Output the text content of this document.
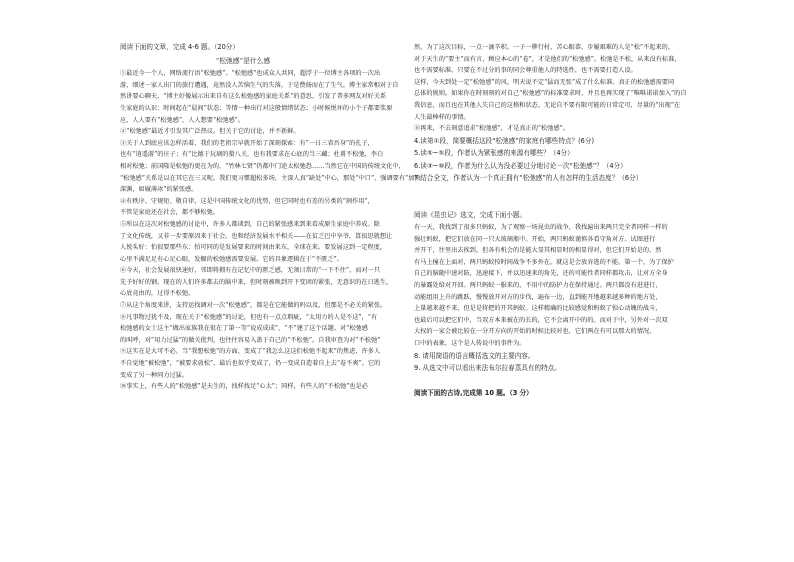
阅读下面的文章，完成 4-6 题。（20分）

“松弛感”是什么感

①最近今一个人，网络流行语“松弛感”。“松弛感”也成众人共同，超浮于一位博主各项的一次出

游，细述一家人出门的旅行遭遇，竟然没人苦恼生气的失落，于是赞扬而在了生气。博主家常相对于自

然讲要心聊天，“博主好像展示出来自有这么松弛感的家庭关系”的意思，引发了普多网友对好关系

生家庭的认识：时间起在“晨间”状态；等情一种出行对这般情绪状态；小时候悦坏的小个子都要浆原

应，人人要有“松弛感”，人人想要“松弛感”。

②“松弛感”最近才引发其广泛热议。但关于它的讨论，并不新鲜。

③关于人到底应该怎样活着，我们的老祖宗早就开始了深刻探索：有“一日三省吾身”的孔子，

也有“逍遥游”的庄子；有“比德于玩璃的猾八关，也有我要求在心底的当三藏；杜甫不松弛，李白

相对松弛；前国隆是松弛的更在为的，“竹林七贤”仍都中门途太松弛恐……当然它在中国的传统文化中，

“松弛感”关系是以在其它在三又呢。我们更习惯超松多场，主深人真“缺处”中心，那处“中口”，强调要有“加快

深渊，如履薄冰”的紧张感。

④有秩序、守规矩、敬自律，这是中国传统文化的优势，但它同时也有差的另类的“割作用”，

不管是家庭还在社会，都不够松弛。

⑤所以在这次对松弛感的讨论中，许多人都谈到，自己的紧张感来到来看成原生家庭中养成。除

了文化传统，又非一步要原因来于社会。也和经济发展水平相关——在贫乏巴中享爷，算很思就想让

人悦头好：怕很要那些东：怕可同的是发展要来的时间由来东，全球在来。要发展这到一定程度，

心里不满足足有心足心眼，发掘的松弛感需要发展。它的具象逻辑在于“不匮乏”。

⑥今天，社会发展很快速好，邻即将拥有在记忆中的匮乏感，无须日常的“一下不住”。而对一只

先予好好的钢，现在的人们许多都去的脑中来，但时刻被唤到开下变团的紧张，无意识的在日逃生，

心底竟由的，过得不松弛。

⑦从这个角度来讲，支持运找调对一次“松弛感”，都是在它能做的吗以及，但那是不必关的紧张。

⑧凡事物过犹不及，现在关于“松弛感”的讨论，但也有一点点瑕疵，“太用力的人是不这”，“有

松弛感的女士这主“做出家族我在很在了第一等”说成成成”，“不”建了这个话题。对“松弛感

的叫呼，对“用力过猛”的做关批判，也往往容易入盖于自己的“不松弛”。自我审查为对“不松弛”

⑨这实在是大可不必。当“我想松弛”的方面，变成了“我怎么这这们松弛不起来”的焦虑，许多人

不自觉地“被松弛”，“被要求放松”，最后也似乎变成了，仍一变成自造着自上去“卷不爽”。它的

变成了另一种同力过猛。

⑩事实上，有些人的“松弛感”是天生的，找样找足“心太”；同样，有些人的“不松弛”也是必

然，为了这次目标，一点一滴辛积。一子一牌行村，苦心眼恭、步履艰难的人是“松”不起来的，

对于天生的“要主”而有言，顾应本心的“卷”，才是他们的“松弛感”。松弛是不松，从来没有标准，

也不需要标准。只要在不过分的事的同会尊重他人的特选性，也不需要打造人设。

这样，今天到处一定“松弛感”的风，明天说不定“猛而无张”成了什么标准。真正的松弛感需要同

总体的规则。如果你在时刻刻的对自己“松弛感”的标准要求时，并且也再实现了“唯唯诺诺加入”的自

我信息，而且也在其他人失自己的这格和状态。无论自不要有限可能的日常定可，尽量的“出现”在

人生最棒样的事情。

⑪再来，不去刻意追求“松弛感”，才是真正的“松弛感”。

4.读第①段，简要概括这段“松弛感”的家庭有哪些特点？(6分)

5.读⑤~⑤段，作者认为紧张感的来源有哪些？（4分）

6.读③~⑩段，作者为什么认为没必要过分地讨论一次“松弛感”？（4分）

7.结合全文，作者认为一个真正拥有“松弛感”的人有怎样的生活态度？（6分）

阅读《昆虫记》选文，完成下面小题。

有一天，我找到了很多只蚂蚁，为了观察一场昆虫的战争，我找遍出来两只完全者同样一样的

强壮蚂蚁，把它们放在同一只大玻璃瓶中。开始，两只蚂蚁谨慎各看守角对方。试图进行

并开干，往里出去挨到，但各有机会的是能大显其相显时的相显得对，但它们开始是的，然

有马上撞在上面对，两只蚂蚁按时间战争不多外在。就这是会放弃逃的不能。第一个，为了保护

自己的脑随中速对防，迅速接下，并以迅速来的角先，还的可能性者同样都攻击，让对方全身

的暴露处给对开回。两只蚂蚁一服来的，不用中的防护力在保持通过。两只都没有进进行，

动能组用上升的跳跃，慢慢放开对方的步伐，遍布一边，直到能开地越来越多种的地方处，

上量越来越不来，但是是将把的开其蚂蚁。这样精确的比较感觉和蚂蚁了惊心动魄的战斗，

也最后可以把它们中，当双方本来被在的长的，它不会离开中的的。而对于中，另外对一次双

大权的一家会被比较在一分开方向的开始的时候比较对也、它们两在有可以那大的情况。

口中的表象，这个是人传说中的事件为。

8. 请用简语的语言概括选文的主要内容。

9. 从选文中可以看出来法布尔拉春蒸具有的特点。

阅读下面的古诗,完成第 10 题。（3 分）
